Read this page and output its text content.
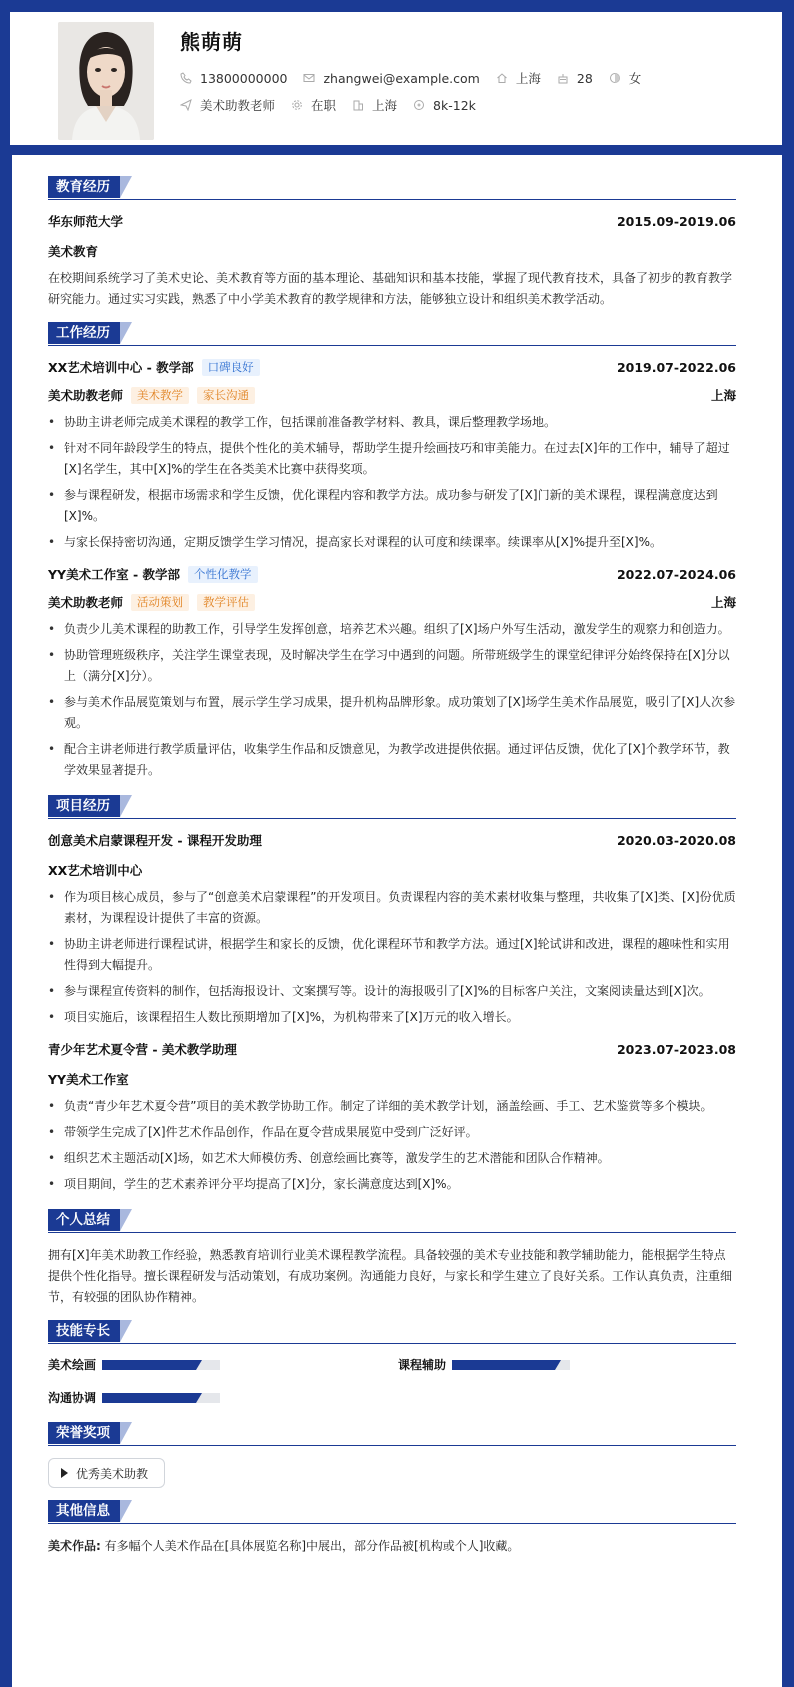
熊萌萌
13800000000	zhangwei@example.com	上海	28	女
美术助教老师	在职	上海	8k-12k
教育经历
华东师范大学	2015.09-2019.06
美术教育

在校期间系统学习了美术史论、美术教育等方面的基本理论、基础知识和基本技能，掌握了现代教育技术，具备了初步的教育教学研究能力。通过实习实践，熟悉了中小学美术教育的教学规律和方法，能够独立设计和组织美术教学活动。

工作经历
XX艺术培训中心 - 教学部	口碑良好	2019.07-2022.06
美术助教老师	美术教学	家长沟通	上海
• 协助主讲老师完成美术课程的教学工作，包括课前准备教学材料、教具，课后整理教学场地。
• 针对不同年龄段学生的特点，提供个性化的美术辅导，帮助学生提升绘画技巧和审美能力。在过去[X]年的工作中，辅导了超过[X]名学生，其中[X]%的学生在各类美术比赛中获得奖项。
• 参与课程研发，根据市场需求和学生反馈，优化课程内容和教学方法。成功参与研发了[X]门新的美术课程，课程满意度达到[X]%。
• 与家长保持密切沟通，定期反馈学生学习情况，提高家长对课程的认可度和续课率。续课率从[X]%提升至[X]%。
YY美术工作室 - 教学部	个性化教学	2022.07-2024.06
美术助教老师	活动策划	教学评估	上海
• 负责少儿美术课程的助教工作，引导学生发挥创意，培养艺术兴趣。组织了[X]场户外写生活动，激发学生的观察力和创造力。
• 协助管理班级秩序，关注学生课堂表现，及时解决学生在学习中遇到的问题。所带班级学生的课堂纪律评分始终保持在[X]分以上（满分[X]分）。
• 参与美术作品展览策划与布置，展示学生学习成果，提升机构品牌形象。成功策划了[X]场学生美术作品展览，吸引了[X]人次参观。
• 配合主讲老师进行教学质量评估，收集学生作品和反馈意见，为教学改进提供依据。通过评估反馈，优化了[X]个教学环节，教学效果显著提升。
项目经历
创意美术启蒙课程开发 - 课程开发助理	2020.03-2020.08
XX艺术培训中心
• 作为项目核心成员，参与了“创意美术启蒙课程”的开发项目。负责课程内容的美术素材收集与整理，共收集了[X]类、[X]份优质素材，为课程设计提供了丰富的资源。
• 协助主讲老师进行课程试讲，根据学生和家长的反馈，优化课程环节和教学方法。通过[X]轮试讲和改进，课程的趣味性和实用性得到大幅提升。
• 参与课程宣传资料的制作，包括海报设计、文案撰写等。设计的海报吸引了[X]%的目标客户关注，文案阅读量达到[X]次。
• 项目实施后，该课程招生人数比预期增加了[X]%，为机构带来了[X]万元的收入增长。
青少年艺术夏令营 - 美术教学助理	2023.07-2023.08
YY美术工作室
• 负责“青少年艺术夏令营”项目的美术教学协助工作。制定了详细的美术教学计划，涵盖绘画、手工、艺术鉴赏等多个模块。
• 带领学生完成了[X]件艺术作品创作，作品在夏令营成果展览中受到广泛好评。
• 组织艺术主题活动[X]场，如艺术大师模仿秀、创意绘画比赛等，激发学生的艺术潜能和团队合作精神。
• 项目期间，学生的艺术素养评分平均提高了[X]分，家长满意度达到[X]%。
个人总结

拥有[X]年美术助教工作经验，熟悉教育培训行业美术课程教学流程。具备较强的美术专业技能和教学辅助能力，能根据学生特点提供个性化指导。擅长课程研发与活动策划，有成功案例。沟通能力良好，与家长和学生建立了良好关系。工作认真负责，注重细节，有较强的团队协作精神。

技能专长
美术绘画	课程辅助
沟通协调
荣誉奖项
优秀美术助教
其他信息

美术作品: 有多幅个人美术作品在[具体展览名称]中展出，部分作品被[机构或个人]收藏。
